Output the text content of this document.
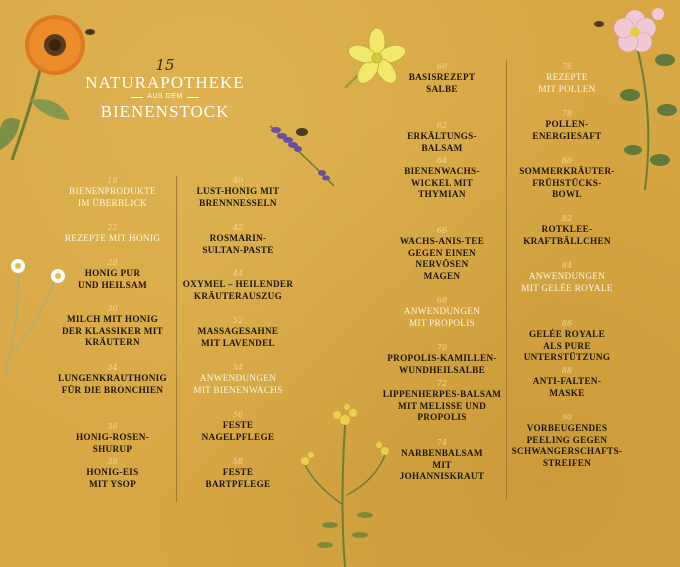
15
NATURAPOTHEKE
AUS DEM
BIENENSTOCK
18
BIENENPRODUKTE
IM ÜBERBLICK
22
REZEPTE MIT HONIG
28
HONIG PUR
UND HEILSAM
30
MILCH MIT HONIG
DER KLASSIKER MIT
KRÄUTERN
34
LUNGENKRAUTHONIG
FÜR DIE BRONCHIEN
36
HONIG-ROSEN-
SHURUP
38
HONIG-EIS
MIT YSOP
40
LUST-HONIG MIT
BRENNNESSELN
42
ROSMARIN-
SULTAN-PASTE
44
OXYMEL – HEILENDER
KRÄUTERAUSZUG
52
MASSAGESAHNE
MIT LAVENDEL
54
ANWENDUNGEN
MIT BIENENWACHS
56
FESTE
NAGELPFLEGE
58
FESTE
BARTPFLEGE
60
BASISREZEPT
SALBE
62
ERKÄLTUNGS-
BALSAM
64
BIENENWACHS-
WICKEL MIT
THYMIAN
66
WACHS-ANIS-TEE
GEGEN EINEN
NERVÖSEN
MAGEN
68
ANWENDUNGEN
MIT PROPOLIS
70
PROPOLIS-KAMILLEN-
WUNDHEILSALBE
72
LIPPENHERPES-BALSAM
MIT MELISSE UND
PROPOLIS
74
NARBENBALSAM
MIT
JOHANNISKRAUT
76
REZEPTE
MIT POLLEN
78
POLLEN-
ENERGIESAFT
80
SOMMERKRÄUTER-
FRÜHSTÜCKS-
BOWL
82
ROTKLEE-
KRAFTBÄLLCHEN
84
ANWENDUNGEN
MIT GELÉE ROYALE
86
GELÉE ROYALE
ALS PURE
UNTERSTÜTZUNG
88
ANTI-FALTEN-
MASKE
90
VORBEUGENDES
PEELING GEGEN
SCHWANGERSCHAFTS-
STREIFEN
